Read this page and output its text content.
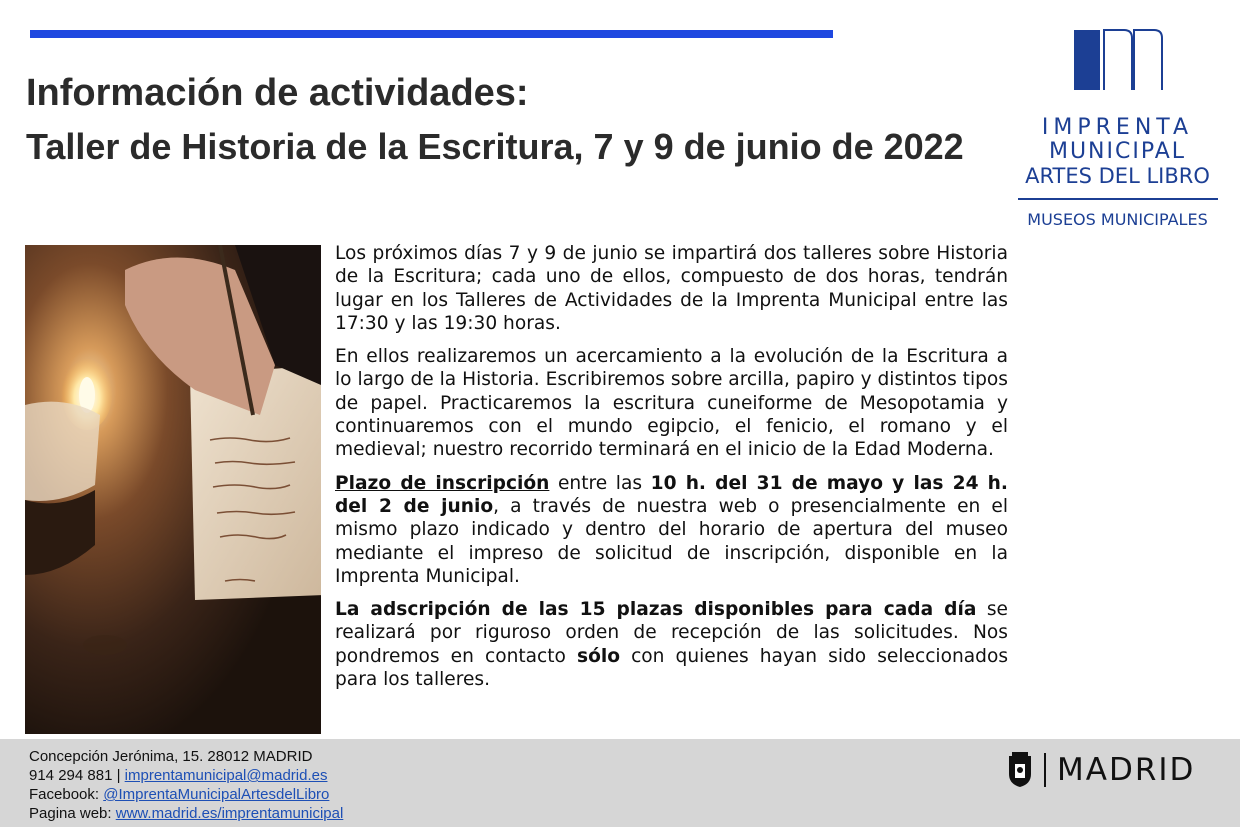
Información de actividades:
Taller de Historia de la Escritura, 7 y 9 de junio de 2022	IMPRENTA
MUNICIPAL
ARTES DEL LIBRO
MUSEOS MUNICIPALES

Los próximos días 7 y 9 de junio se impartirá dos talleres sobre Historia de la Escritura; cada uno de ellos, compuesto de dos horas, tendrán lugar en los Talleres de Actividades de la Imprenta Municipal entre las 17:30 y las 19:30 horas.

En ellos realizaremos un acercamiento a la evolución de la Escritura a lo largo de la Historia. Escribiremos sobre arcilla, papiro y distintos tipos de papel. Practicaremos la escritura cuneiforme de Mesopotamia y continuaremos con el mundo egipcio, el fenicio, el romano y el medieval; nuestro recorrido terminará en el inicio de la Edad Moderna.

Plazo de inscripción entre las 10 h. del 31 de mayo y las 24 h. del 2 de junio, a través de nuestra web o presencialmente en el mismo plazo indicado y dentro del horario de apertura del museo mediante el impreso de solicitud de inscripción, disponible en la Imprenta Municipal.

La adscripción de las 15 plazas disponibles para cada día se realizará por riguroso orden de recepción de las solicitudes. Nos pondremos en contacto sólo con quienes hayan sido seleccionados para los talleres.

Concepción Jerónima, 15. 28012 MADRID
914 294 881 | imprentamunicipal@madrid.es
Facebook: @ImprentaMunicipalArtesdelLibro
Pagina web: www.madrid.es/imprentamunicipal
MADRID
